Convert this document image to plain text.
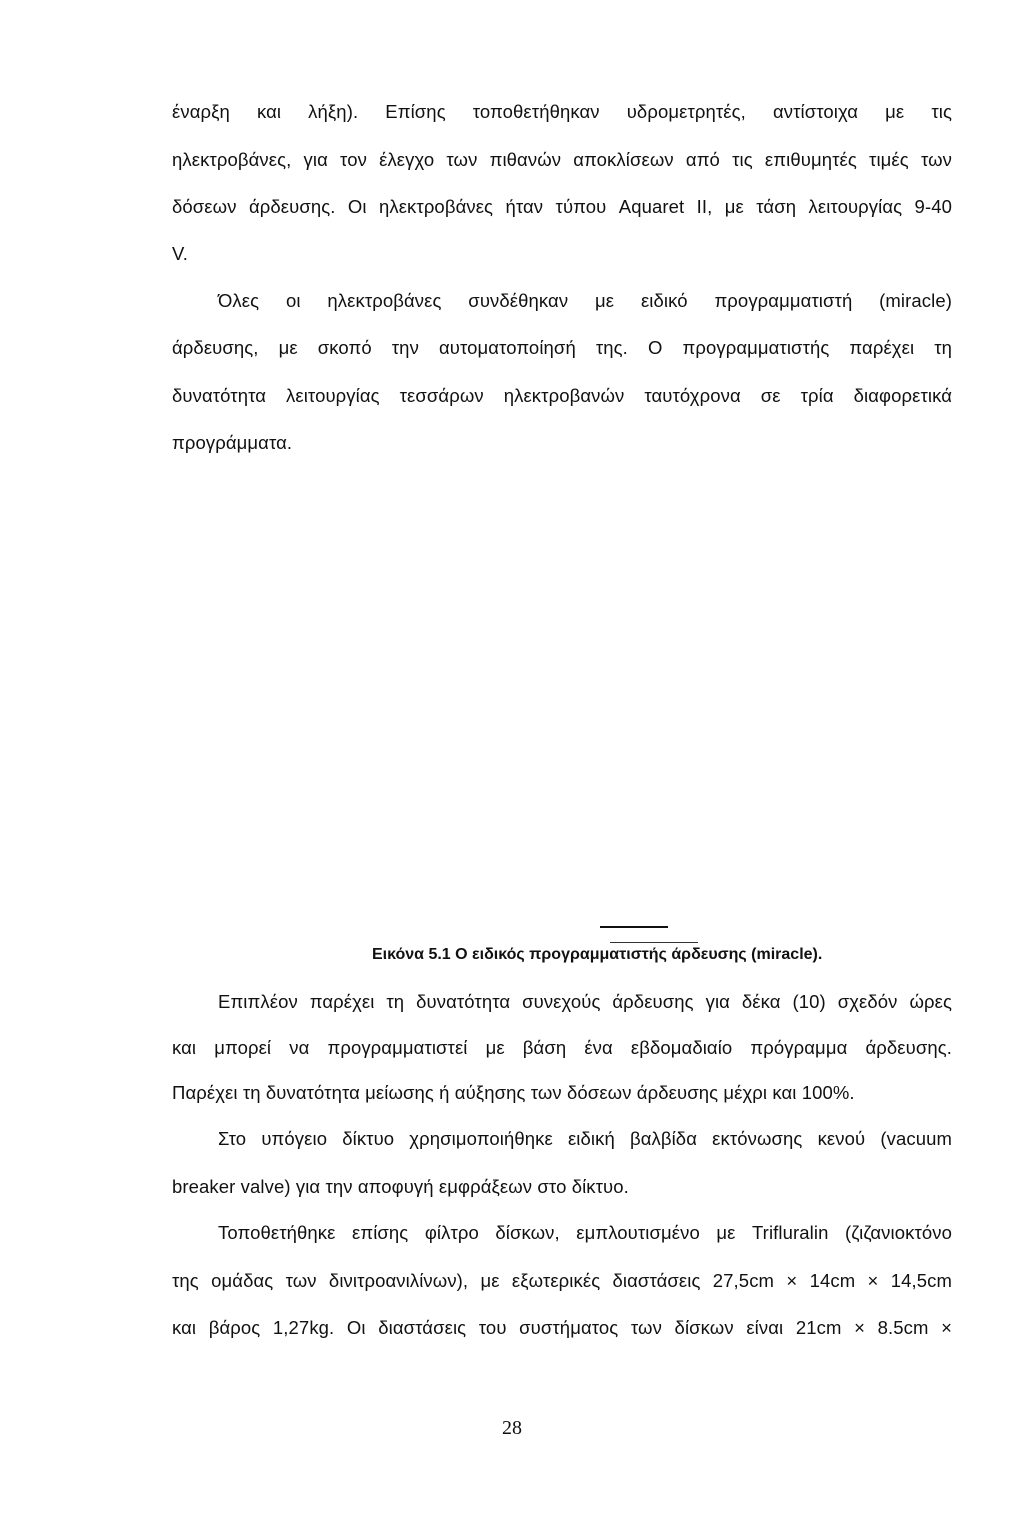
έναρξη και λήξη). Επίσης τοποθετήθηκαν υδρομετρητές, αντίστοιχα με τις
ηλεκτροβάνες, για τον έλεγχο των πιθανών αποκλίσεων από τις επιθυμητές τιμές των
δόσεων άρδευσης. Οι ηλεκτροβάνες ήταν τύπου Aquaret II, με τάση λειτουργίας 9-40
V.
Όλες οι ηλεκτροβάνες συνδέθηκαν με ειδικό προγραμματιστή (miracle)
άρδευσης, με σκοπό την αυτοματοποίησή της. Ο προγραμματιστής παρέχει τη
δυνατότητα λειτουργίας τεσσάρων ηλεκτροβανών ταυτόχρονα σε τρία διαφορετικά
προγράμματα.
Εικόνα 5.1 Ο ειδικός προγραμματιστής άρδευσης (miracle).
Επιπλέον παρέχει τη δυνατότητα συνεχούς άρδευσης για δέκα (10) σχεδόν ώρες
και μπορεί να προγραμματιστεί με βάση ένα εβδομαδιαίο πρόγραμμα άρδευσης.
Παρέχει τη δυνατότητα μείωσης ή αύξησης των δόσεων άρδευσης μέχρι και 100%.
Στο υπόγειο δίκτυο χρησιμοποιήθηκε ειδική βαλβίδα εκτόνωσης κενού (vacuum
breaker valve) για την αποφυγή εμφράξεων στο δίκτυο.
Τοποθετήθηκε επίσης φίλτρο δίσκων, εμπλουτισμένο με Trifluralin (ζιζανιοκτόνο
της ομάδας των δινιτροανιλίνων), με εξωτερικές διαστάσεις 27,5cm × 14cm × 14,5cm
και βάρος 1,27kg. Οι διαστάσεις του συστήματος των δίσκων είναι 21cm × 8.5cm ×
28
